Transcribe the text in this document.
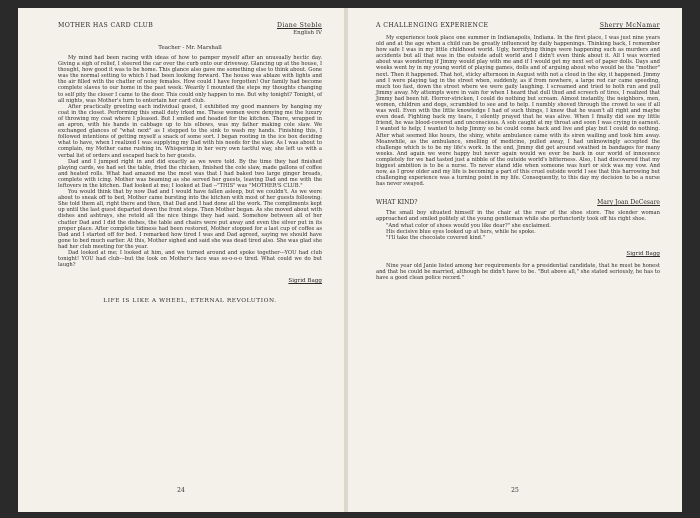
MOTHER HAS CARD CLUB	Diane Steble
English IV
Teacher - Mr. Marshall

My mind had been racing with ideas of how to pamper myself after an unusually hectic day. Giving a sigh of relief, I steered the car over the curb onto our driveway. Glancing up at the house, I thought, how good it was to be home. This glance also gave me something else to think about. Gone was the normal setting to which I had been looking forward. The house was ablaze with lights and the air filled with the chatter of noisy females. How could I have forgotten! Our family had become complete slaves to our home in the past week. Wearily I mounted the steps my thoughts changing to self pity the closer I came to the door. This could only happen to me. But why tonight? Tonight, of all nights, was Mother's turn to entertain her card club.

After practically greeting each individual guest, I exhibited my good manners by hanging my coat in the closet. Performing this small duty irked me. These women were denying me the luxury of throwing my coat where I pleased. But I smiled and headed for the kitchen. There, wrapped in an apron, with his hands in cabbage up to his elbows, was my father making cole slaw. We exchanged glances of "what next" as I stepped to the sink to wash my hands. Finishing this, I followed intentions of getting myself a snack of some sort. I began rooting in the ice box deciding what to have, when I realized I was supplying my Dad with his needs for the slaw. As I was about to complain, my Mother came rushing in. Whispering in her very own tactful way, she left us with a verbal list of orders and escaped back to her guests.

Dad and I jumped right in and did exactly as we were told. By the time they had finished playing cards, we had set the table, fried the chicken, finished the cole slaw, made gallons of coffee and heated rolls. What had amazed me the most was that I had baked two large ginger breads, complete with icing. Mother was beaming as she served her guests, leaving Dad and me with the leftovers in the kitchen. Dad looked at me; I looked at Dad --"THIS" was "MOTHER'S CLUB."

You would think that by now Dad and I would have fallen asleep, but we couldn't. As we were about to sneak off to bed, Mother came bursting into the kitchen with most of her guests following. She told them all, right there and then, that Dad and I had done all the work. The compliments kept up until the last guest departed down the front steps. Then Mother began. As she moved about with dishes and ashtrays, she retold all the nice things they had said. Somehow between all of her chatter Dad and I did the dishes, the table and chairs were put away and even the silver put in its proper place. After complete tidiness had been restored, Mother stopped for a last cup of coffee as Dad and I started off for bed. I remarked how tired I was and Dad agreed, saying we should have gone to bed much earlier. At this, Mother sighed and said she was dead tired also. She was glad she had her club meeting for the year.

Dad looked at me; I looked at him, and we turned around and spoke together---YOU had club tonight! YOU had club---but the look on Mother's face was so-o-o-o tired. What could we do but laugh?

Sigrid Bagg
LIFE IS LIKE A WHEEL, ETERNAL REVOLUTION.
24
A CHALLENGING EXPERIENCE	Sherry McNamar

My experience took place one summer in Indianapolis, Indiana. In the first place, I was just nine years old and at the age when a child can be greatly influenced by daily happenings. Thinking back, I remember how safe I was in my little childhood world. Ugly, horrifying things were happening such as murders and accidents but all that was in the outside adult world and I didn't even think about it. All I was worried about was wondering if Jimmy would play with me and if I would get my next set of paper dolls. Days and weeks went by in my young world of playing games, dolls and of arguing about who would be the "mother" next. Then it happened. That hot, sticky afternoon in August with not a cloud in the sky, it happened. Jimmy and I were playing tag in the street when, suddenly, as if from nowhere, a large red car came speeding, much too fast, down the street where we were gaily laughing. I screamed and tried to both run and pull Jimmy away. My attempts were in vain for when I heard that dull thud and screech of tires, I realized that Jimmy had been hit. Horror-stricken, I could do nothing but scream. Almost instantly, the neighbors, men, women, children and dogs, scrambled to see and to help. I numbly shoved through the crowd to see if all was well. Even with the little knowledge I had of such things, I knew that he wasn't all right and maybe even dead. Fighting back my tears, I silently prayed that he was alive. When I finally did see my little friend, he was blood-covered and unconscious. A sob caught at my throat and soon I was crying in earnest. I wanted to help; I wanted to help Jimmy so he could come back and live and play but I could do nothing. After what seemed like hours, the shiny, white ambulance came with its siren wailing and took him away. Meanwhile, as the ambulance, smelling of medicine, pulled away, I had unknowingly accepted the challenge which is to be my life's work. In the end, Jimmy did get around swathed in bandages for many weeks. And again we were happy but never again would we ever be back in our world of innocence completely for we had tasted just a nibble of the outside world's bitterness. Also, I had discovered that my biggest ambition is to be a nurse. To never stand idle when someone was hurt or sick was my vow. And now, as I grow older and my life is becoming a part of this cruel outside world I see that this harrowing but challenging experience was a turning point in my life. Consequently, to this day my decision to be a nurse has never swayed.

WHAT KIND?	Mary Joan DeCesare

The small boy situated himself in the chair at the rear of the shoe store. The slender woman approached and smiled politely at the young gentleman while she perfunctorily took off his right shoe.

"And what color of shoes would you like dear?" she exclaimed.

His decisive blue eyes looked up at hers, while he spoke.

"I'll take the chocolate covered kind."

Sigrid Bagg

Nine year old Janie listed among her requirements for a presidential candidate, that he must be honest and that he could be married, although he didn't have to be. "But above all," she stated seriously, he has to have a good clean police record."

25
